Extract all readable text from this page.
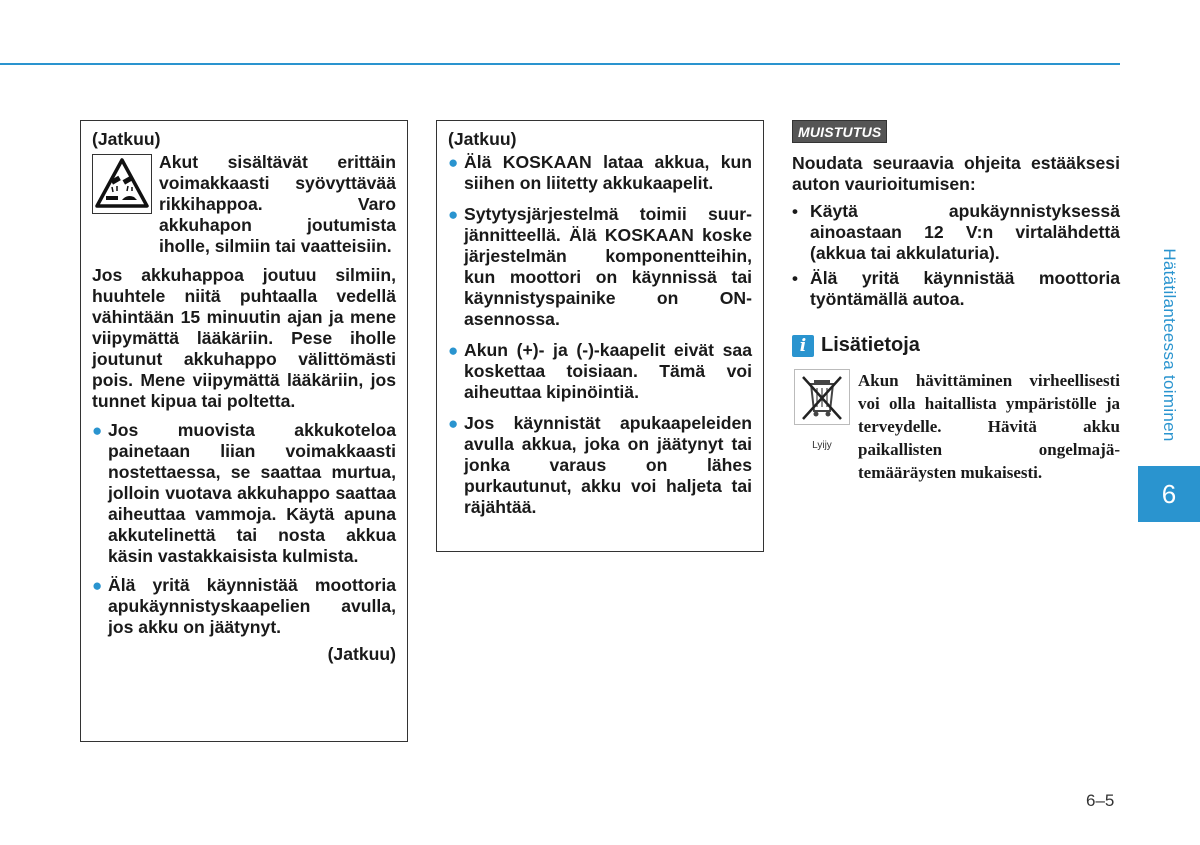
(Jatkuu)

Akut sisältävät erittäin voimakkaasti syövyttävää rikkihappoa. Varo akkuhapon joutumista iholle, silmiin tai vaatteisiin.

Jos akkuhappoa joutuu silmiin, huuhtele niitä puhtaalla vedellä vähintään 15 minuutin ajan ja mene viipymättä lääkäriin. Pese iholle joutunut akkuhappo välittömästi pois. Mene viipymättä lääkäriin, jos tunnet kipua tai poltetta.

● Jos muovista akkukoteloa painetaan liian voimakkaasti nostettaessa, se saattaa murtua, jolloin vuotava akkuhappo saattaa aiheuttaa vammoja. Käytä apuna akkutelinettä tai nosta akkua käsin vastakkaisista kulmista.
● Älä yritä käynnistää moottoria apukäynnistyskaapelien avulla, jos akku on jäätynyt.

(Jatkuu)

(Jatkuu)

● Älä KOSKAAN lataa akkua, kun siihen on liitetty akkukaapelit.
● Sytytysjärjestelmä toimii suurjännitteellä. Älä KOSKAAN koske järjestelmän komponentteihin, kun moottori on käynnissä tai käynnistyspainike on ON-asennossa.
● Akun (+)- ja (-)-kaapelit eivät saa koskettaa toisiaan. Tämä voi aiheuttaa kipinöintiä.
● Jos käynnistät apukaapeleiden avulla akkua, joka on jäätynyt tai jonka varaus on lähes purkautunut, akku voi haljeta tai räjähtää.
MUISTUTUS

Noudata seuraavia ohjeita estääksesi auton vaurioitumisen:

• Käytä apukäynnistyksessä ainoastaan 12 V:n virtalähdettä (akkua tai akkulaturia).
• Älä yritä käynnistää moottoria työntämällä autoa.
i Lisätietoja
Lyijy
Akun hävittäminen virheellisesti voi olla haitallista ympäristölle ja terveydelle. Hävitä akku paikallisten ongelmajätemääräysten mukaisesti.
Hätätilanteessa toiminen
6
6–5
